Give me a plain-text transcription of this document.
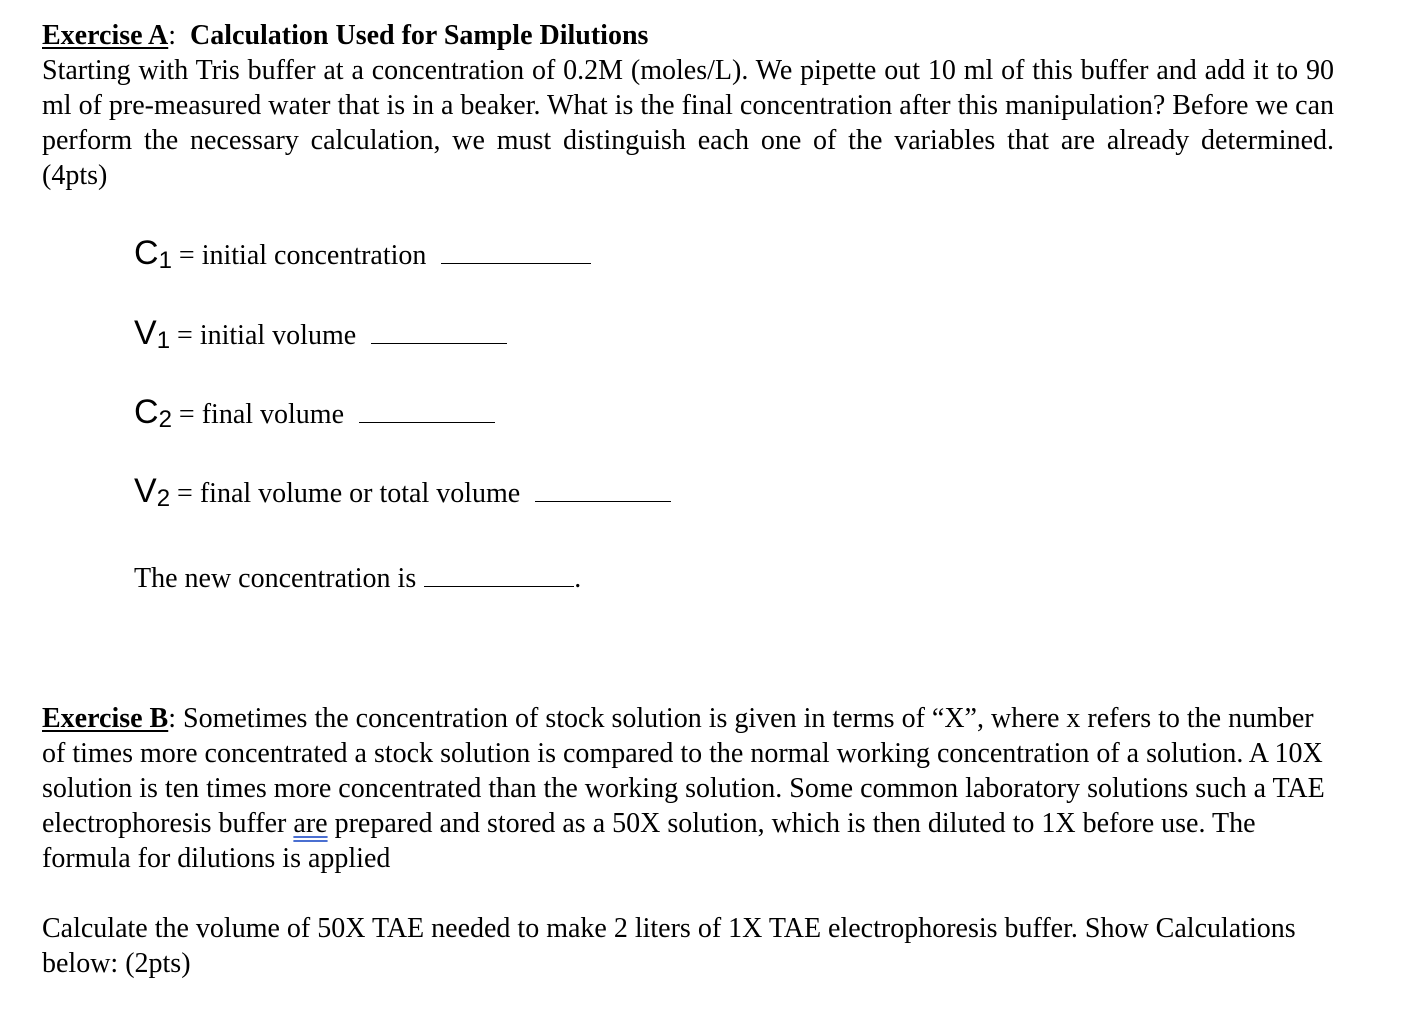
Exercise A: Calculation Used for Sample Dilutions

Starting with Tris buffer at a concentration of 0.2M (moles/L). We pipette out 10 ml of this buffer and add it to 90 ml of pre-measured water that is in a beaker. What is the final concentration after this manipulation? Before we can perform the necessary calculation, we must distinguish each one of the variables that are already determined. (4pts)

C1 = initial concentration
V1 = initial volume
C2 = final volume
V2 = final volume or total volume
The new concentration is	.

Exercise B: Sometimes the concentration of stock solution is given in terms of “X”, where x refers to the number of times more concentrated a stock solution is compared to the normal working concentration of a solution. A 10X solution is ten times more concentrated than the working solution. Some common laboratory solutions such a TAE electrophoresis buffer are prepared and stored as a 50X solution, which is then diluted to 1X before use. The formula for dilutions is applied

Calculate the volume of 50X TAE needed to make 2 liters of 1X TAE electrophoresis buffer. Show Calculations below: (2pts)
